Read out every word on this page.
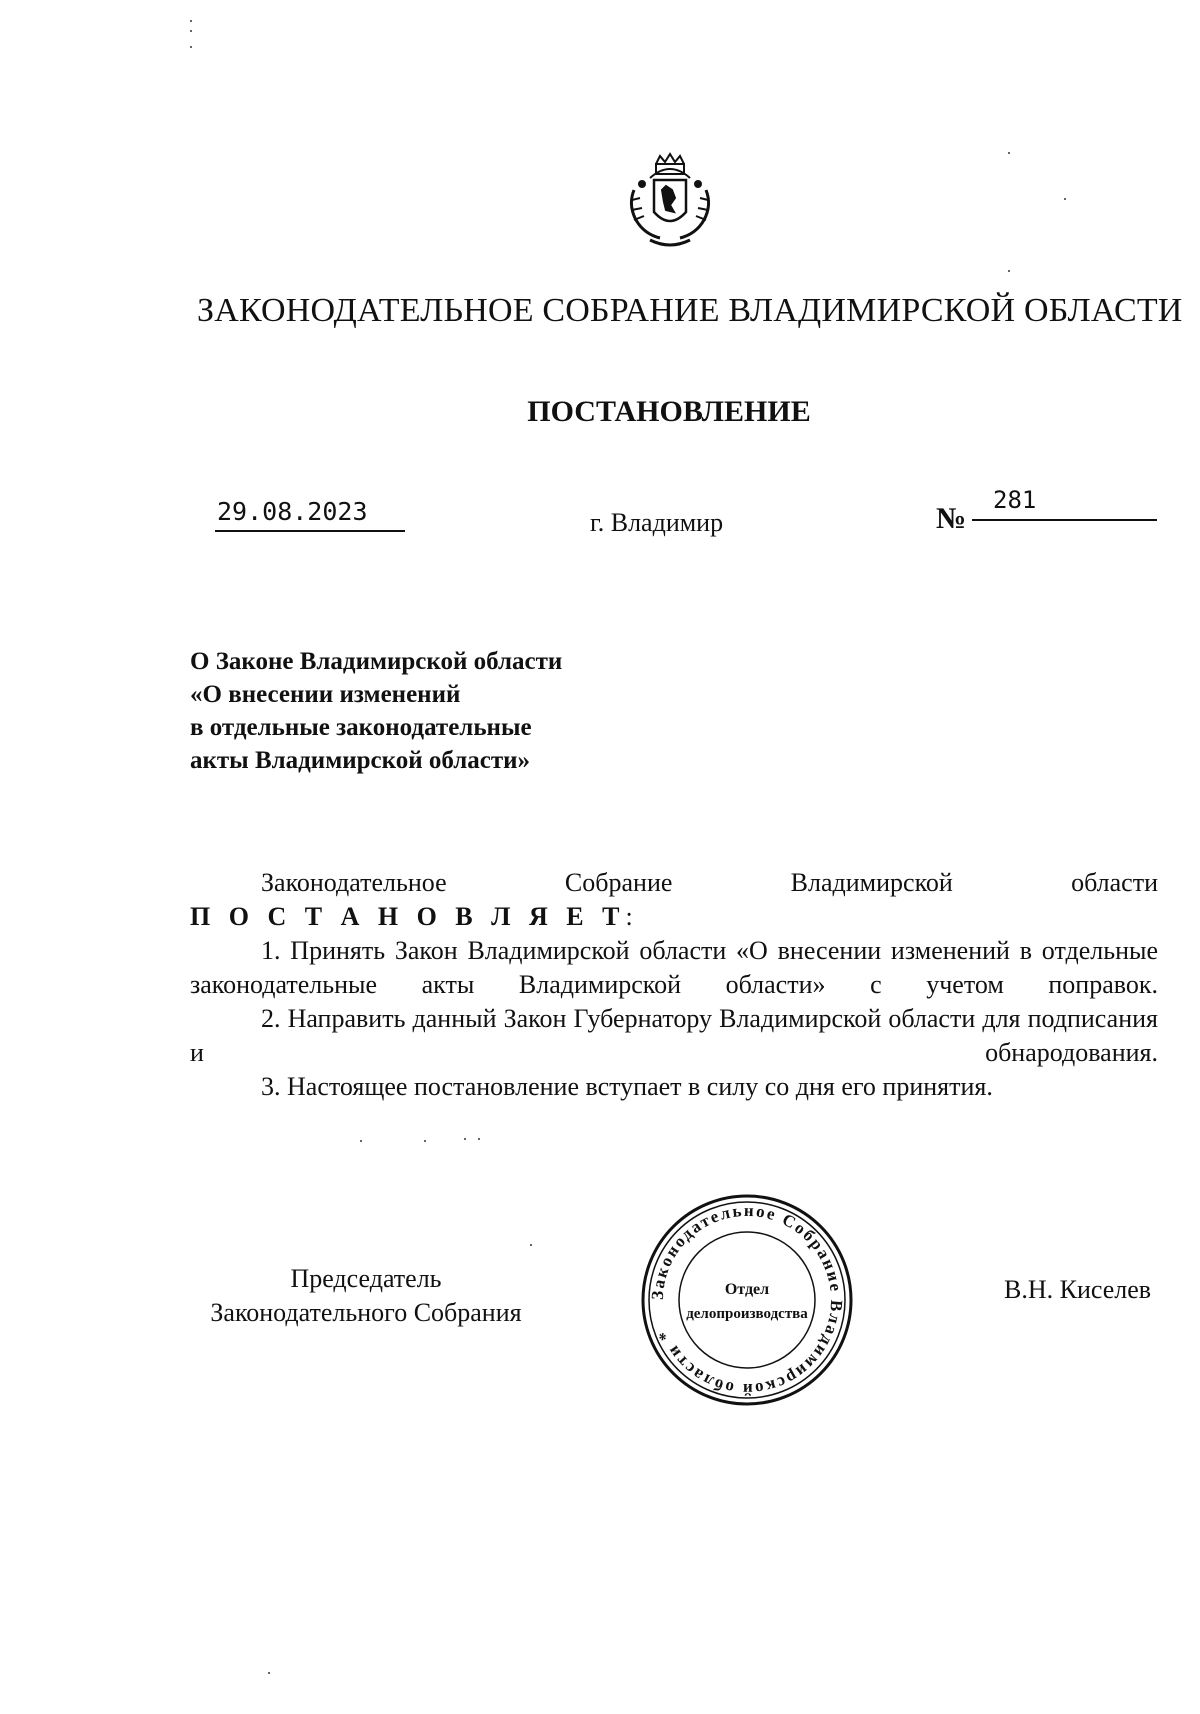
ЗАКОНОДАТЕЛЬНОЕ СОБРАНИЕ ВЛАДИМИРСКОЙ ОБЛАСТИ
ПОСТАНОВЛЕНИЕ
29.08.2023	г. Владимир	№
281
О Законе Владимирской области
«О внесении изменений
в отдельные законодательные
акты Владимирской области»
Законодательное	Собрание	Владимирской	области
П О С Т А Н О В Л Я Е Т:

1. Принять Закон Владимирской области «О внесении изменений в отдельные законодательные акты Владимирской области» с учетом поправок.

2. Направить данный Закон Губернатору Владимирской области для подписания и обнародования.

3. Настоящее постановление вступает в силу со дня его принятия.

Председатель
Законодательного Собрания
Законодательное Собрание Владимирской области *
Отдел
делопроизводства
В.Н. Киселев
